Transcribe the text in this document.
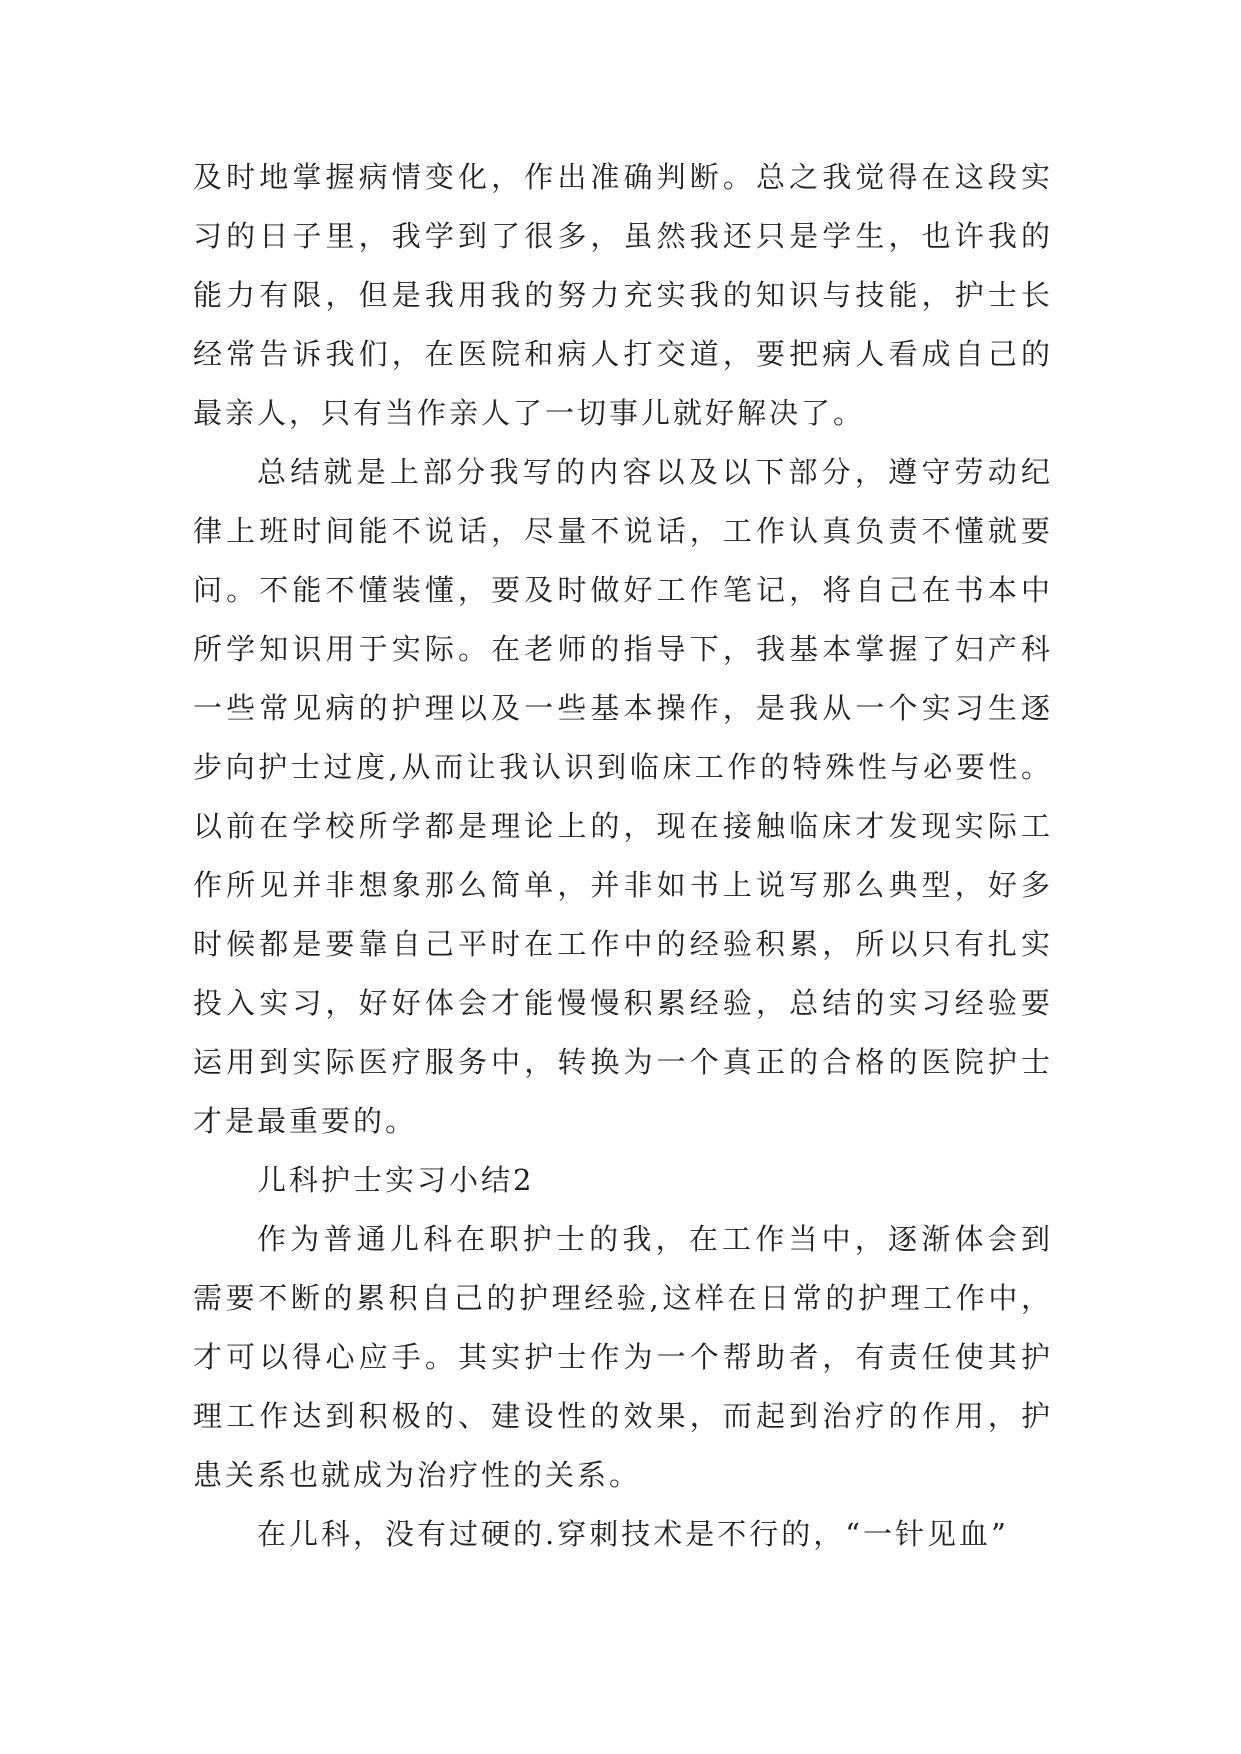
及时地掌握病情变化，作出准确判断。总之我觉得在这段实习的日子里，我学到了很多，虽然我还只是学生，也许我的能力有限，但是我用我的努力充实我的知识与技能，护士长经常告诉我们，在医院和病人打交道，要把病人看成自己的最亲人，只有当作亲人了一切事儿就好解决了。

总结就是上部分我写的内容以及以下部分，遵守劳动纪律上班时间能不说话，尽量不说话，工作认真负责不懂就要问。不能不懂装懂，要及时做好工作笔记，将自己在书本中所学知识用于实际。在老师的指导下，我基本掌握了妇产科一些常见病的护理以及一些基本操作，是我从一个实习生逐步向护士过度,从而让我认识到临床工作的特殊性与必要性。以前在学校所学都是理论上的，现在接触临床才发现实际工作所见并非想象那么简单，并非如书上说写那么典型，好多时候都是要靠自己平时在工作中的经验积累，所以只有扎实投入实习，好好体会才能慢慢积累经验，总结的实习经验要运用到实际医疗服务中，转换为一个真正的合格的医院护士才是最重要的。

儿科护士实习小结2

作为普通儿科在职护士的我，在工作当中，逐渐体会到需要不断的累积自己的护理经验,这样在日常的护理工作中，才可以得心应手。其实护士作为一个帮助者，有责任使其护理工作达到积极的、建设性的效果，而起到治疗的作用，护患关系也就成为治疗性的关系。

在儿科，没有过硬的.穿刺技术是不行的，“一针见血”
